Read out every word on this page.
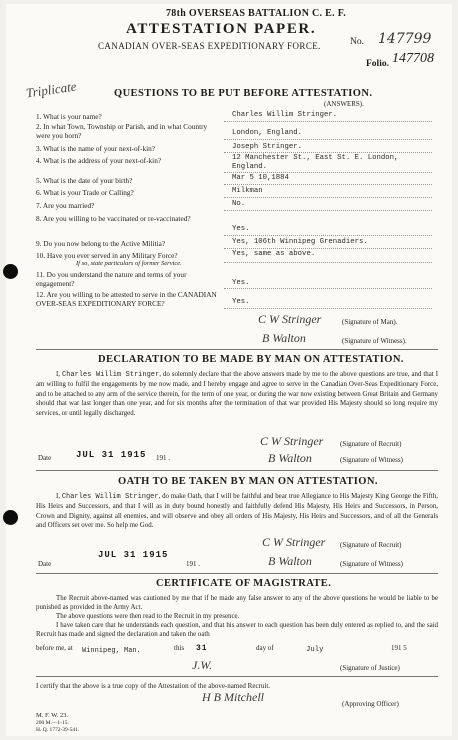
78th OVERSEAS BATTALION C. E. F.
ATTESTATION PAPER.
CANADIAN OVER-SEAS EXPEDITIONARY FORCE.	No. 147799
Folio. 147708
Triplicate	QUESTIONS TO BE PUT BEFORE ATTESTATION.
(ANSWERS).
1. What is your name?	Charles Willim Stringer.
2. In what Town, Township or Parish, and in what Country were you born?	London, England.
3. What is the name of your next-of-kin?	Joseph Stringer.
4. What is the address of your next-of-kin?	12 Manchester St., East St. E. London, England.
5. What is the date of your birth?	Mar 5 10,1884
6. What is your Trade or Calling?	Milkman
7. Are you married?	No.
8. Are you willing to be vaccinated or re-vaccinated?
Yes.
9. Do you now belong to the Active Militia?	Yes, 106th Winnipeg Grenadiers.
10. Have you ever served in any Military Force?
If so, state particulars of former Service.
Yes, same as above.
11. Do you understand the nature and terms of your engagement?	Yes.
12. Are you willing to be attested to serve in the CANADIAN OVER-SEAS EXPEDITIONARY FORCE?	Yes.
C W Stringer	(Signature of Man).
B Walton	(Signature of Witness).
DECLARATION TO BE MADE BY MAN ON ATTESTATION.
I, Charles Willim Stringer, do solemnly declare that the above answers made by me to the above questions are true, and that I am willing to fulfil the engagements by me now made, and I hereby engage and agree to serve in the Canadian Over-Seas Expeditionary Force, and to be attached to any arm of the service therein, for the term of one year, or during the war now existing between Great Britain and Germany should that war last longer than one year, and for six months after the termination of that war provided His Majesty should so long require my services, or until legally discharged.
C W Stringer (Signature of Recruit)
Date	JUL 31 1915 191 .	B Walton	(Signature of Witness)
OATH TO BE TAKEN BY MAN ON ATTESTATION.
I, Charles Willim Stringer, do make Oath, that I will be faithful and bear true Allegiance to His Majesty King George the Fifth, His Heirs and Successors, and that I will as in duty bound honestly and faithfully defend His Majesty, His Heirs and Successors, in Person, Crown and Dignity, against all enemies, and will observe and obey all orders of His Majesty, His Heirs and Successors, and of all the Generals and Officers set over me. So help me God.
C W Stringer (Signature of Recruit)
JUL 31 1915
Date	191 .	B Walton	(Signature of Witness)
CERTIFICATE OF MAGISTRATE.
The Recruit above-named was cautioned by me that if he made any false answer to any of the above questions he would be liable to be punished as provided in the Army Act.
The above questions were then read to the Recruit in my presence.
I have taken care that he understands each question, and that his answer to each question has been duly entered as replied to, and the said Recruit has made and signed the declaration and taken the oath
before me, at Winnipeg, Man.	this 31	day of	July	191 5
J.W.	(Signature of Justice)
I certify that the above is a true copy of the Attestation of the above-named Recruit.
H B Mitchell	(Approving Officer)
M. F. W. 23.
200 M.—1-15.
H. Q. 1772-39-541.
